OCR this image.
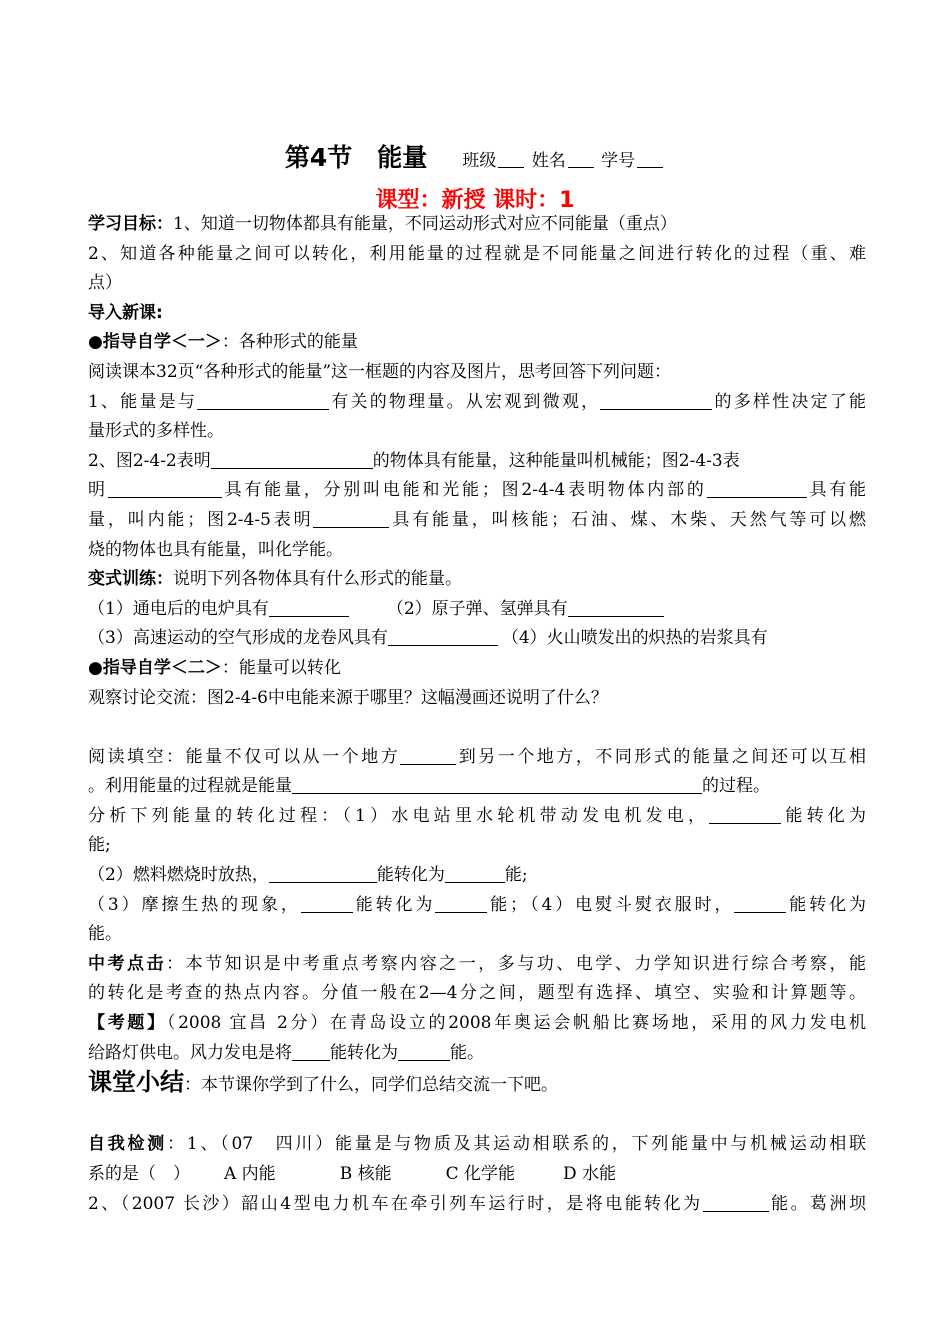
第4节　能量 班级 姓名 学号
课型：新授 课时：1

学习目标：1、知道一切物体都具有能量，不同运动形式对应不同能量（重点）

2、知道各种能量之间可以转化，利用能量的过程就是不同能量之间进行转化的过程（重、难

点）

导入新课:

●指导自学＜一＞：各种形式的能量

阅读课本32页“各种形式的能量”这一框题的内容及图片，思考回答下列问题：

1、能量是与	有关的物理量。从宏观到微观，	的多样性决定了能

量形式的多样性。

2、图2-4-2表明	的物体具有能量，这种能量叫机械能；图2-4-3表

明	具有能量，分别叫电能和光能；图2-4-4表明物体内部的	具有能

量，叫内能；图2-4-5表明	具有能量，叫核能；石油、煤、木柴、天然气等可以燃

烧的物体也具有能量，叫化学能。

变式训练：说明下列各物体具有什么形式的能量。

（1）通电后的电炉具有	（2）原子弹、氢弹具有

（3）高速运动的空气形成的龙卷风具有	（4）火山喷发出的炽热的岩浆具有

●指导自学＜二＞：能量可以转化

观察讨论交流：图2-4-6中电能来源于哪里？这幅漫画还说明了什么？

阅读填空：能量不仅可以从一个地方	到另一个地方，不同形式的能量之间还可以互相

。利用能量的过程就是能量	的过程。

分析下列能量的转化过程：（1）水电站里水轮机带动发电机发电，	能转化为

能;

（2）燃料燃烧时放热，	能转化为	能;

（3）摩擦生热的现象，	能转化为	能；（4）电熨斗熨衣服时，	能转化为

能。

中考点击：本节知识是中考重点考察内容之一，多与功、电学、力学知识进行综合考察，能

的转化是考查的热点内容。分值一般在2—4分之间，题型有选择、填空、实验和计算题等。

【考题】（2008 宜昌 2分）在青岛设立的2008年奥运会帆船比赛场地，采用的风力发电机

给路灯供电。风力发电是将 能转化为	能。

课堂小结：本节课你学到了什么，同学们总结交流一下吧。

自我检测：1、（07　四川）能量是与物质及其运动相联系的，下列能量中与机械运动相联

系的是（　） A 内能	B 核能	C 化学能	D 水能

2、（2007 长沙）韶山4型电力机车在牵引列车运行时，是将电能转化为	能。葛洲坝
